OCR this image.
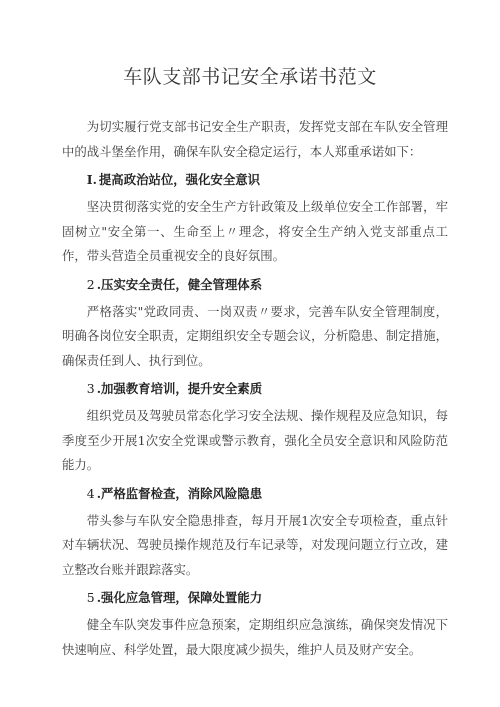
车队支部书记安全承诺书范文

为切实履行党支部书记安全生产职责，发挥党支部在车队安全管理中的战斗堡垒作用，确保车队安全稳定运行，本人郑重承诺如下：

I. 提高政治站位，强化安全意识

坚决贯彻落实党的安全生产方针政策及上级单位安全工作部署，牢固树立"安全第一、生命至上〃理念，将安全生产纳入党支部重点工作，带头营造全员重视安全的良好氛围。

2 .压实安全责任，健全管理体系

严格落实"党政同责、一岗双责〃要求，完善车队安全管理制度，明确各岗位安全职责，定期组织安全专题会议，分析隐患、制定措施，确保责任到人、执行到位。

3 .加强教育培训，提升安全素质

组织党员及驾驶员常态化学习安全法规、操作规程及应急知识，每季度至少开展1次安全党课或警示教育，强化全员安全意识和风险防范能力。

4 .严格监督检查，消除风险隐患

带头参与车队安全隐患排查，每月开展1次安全专项检查，重点针对车辆状况、驾驶员操作规范及行车记录等，对发现问题立行立改，建立整改台账并跟踪落实。

5 .强化应急管理，保障处置能力

健全车队突发事件应急预案，定期组织应急演练，确保突发情况下快速响应、科学处置，最大限度减少损失，维护人员及财产安全。
